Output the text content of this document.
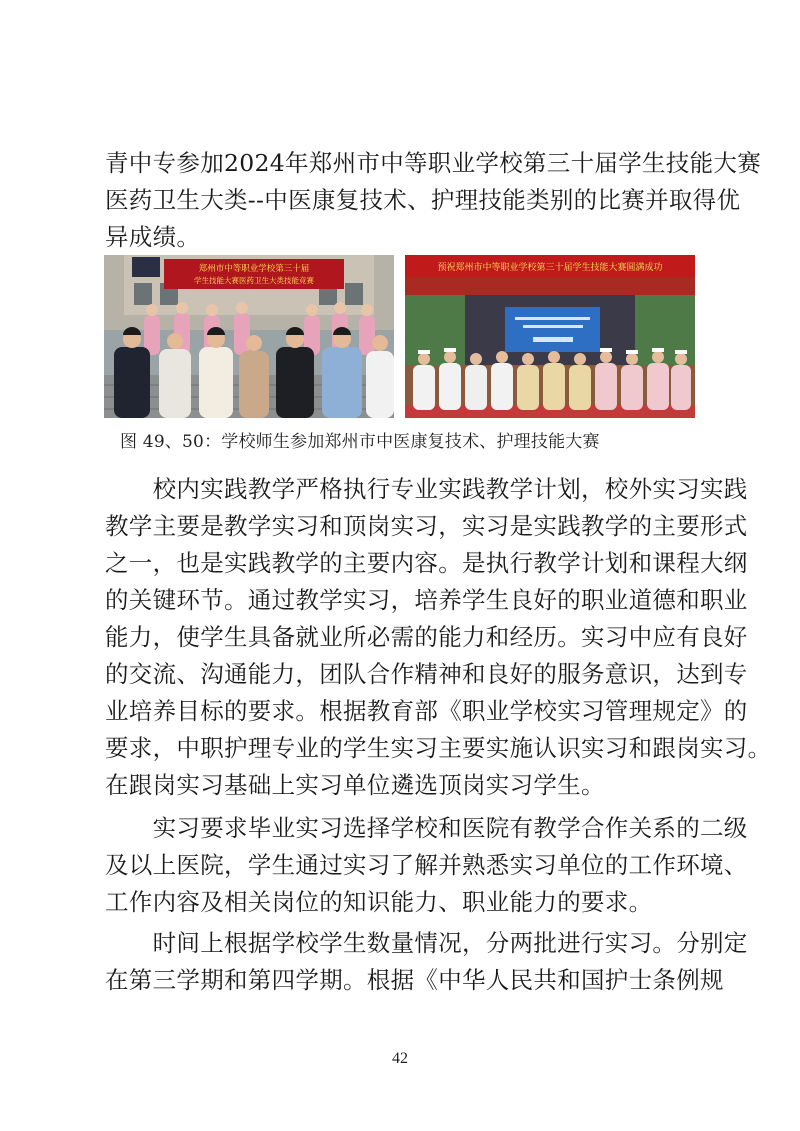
青中专参加2024年郑州市中等职业学校第三十届学生技能大赛
医药卫生大类--中医康复技术、护理技能类别的比赛并取得优
异成绩。
郑州市中等职业学校第三十届
学生技能大赛医药卫生大类技能竞赛
预祝郑州市中等职业学校第三十届学生技能大赛圆满成功
图 49、50：学校师生参加郑州市中医康复技术、护理技能大赛
　　校内实践教学严格执行专业实践教学计划，校外实习实践
教学主要是教学实习和顶岗实习，实习是实践教学的主要形式
之一，也是实践教学的主要内容。是执行教学计划和课程大纲
的关键环节。通过教学实习，培养学生良好的职业道德和职业
能力，使学生具备就业所必需的能力和经历。实习中应有良好
的交流、沟通能力，团队合作精神和良好的服务意识，达到专
业培养目标的要求。根据教育部《职业学校实习管理规定》的
要求，中职护理专业的学生实习主要实施认识实习和跟岗实习。
在跟岗实习基础上实习单位遴选顶岗实习学生。
　　实习要求毕业实习选择学校和医院有教学合作关系的二级
及以上医院，学生通过实习了解并熟悉实习单位的工作环境、
工作内容及相关岗位的知识能力、职业能力的要求。
　　时间上根据学校学生数量情况，分两批进行实习。分别定
在第三学期和第四学期。根据《中华人民共和国护士条例规
42
